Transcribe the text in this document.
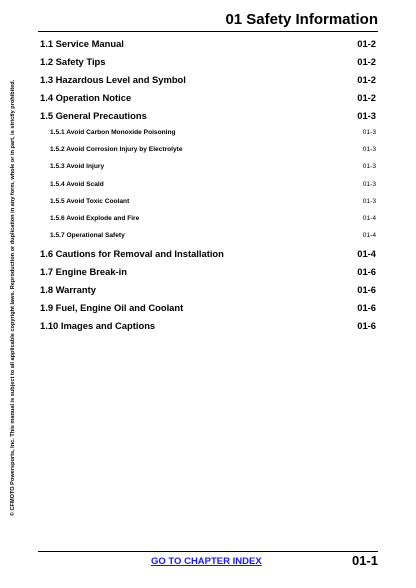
01 Safety Information
© CFMOTO Powersports, Inc. This manual is subject to all applicable copyright laws. Reproduction or duplication in any form, whole or in part, is strictly prohibited.
1.1 Service Manual	01-2
1.2 Safety Tips	01-2
1.3 Hazardous Level and Symbol	01-2
1.4 Operation Notice	01-2
1.5 General Precautions	01-3
1.5.1 Avoid Carbon Monoxide Poisoning	01-3
1.5.2 Avoid Corrosion Injury by Electrolyte	01-3
1.5.3 Avoid Injury	01-3
1.5.4 Avoid Scald	01-3
1.5.5 Avoid Toxic Coolant	01-3
1.5.6 Avoid Explode and Fire	01-4
1.5.7 Operational Safety	01-4
1.6 Cautions for Removal and Installation	01-4
1.7 Engine Break-in	01-6
1.8 Warranty	01-6
1.9 Fuel, Engine Oil and Coolant	01-6
1.10 Images and Captions	01-6
GO TO CHAPTER INDEX	01-1
